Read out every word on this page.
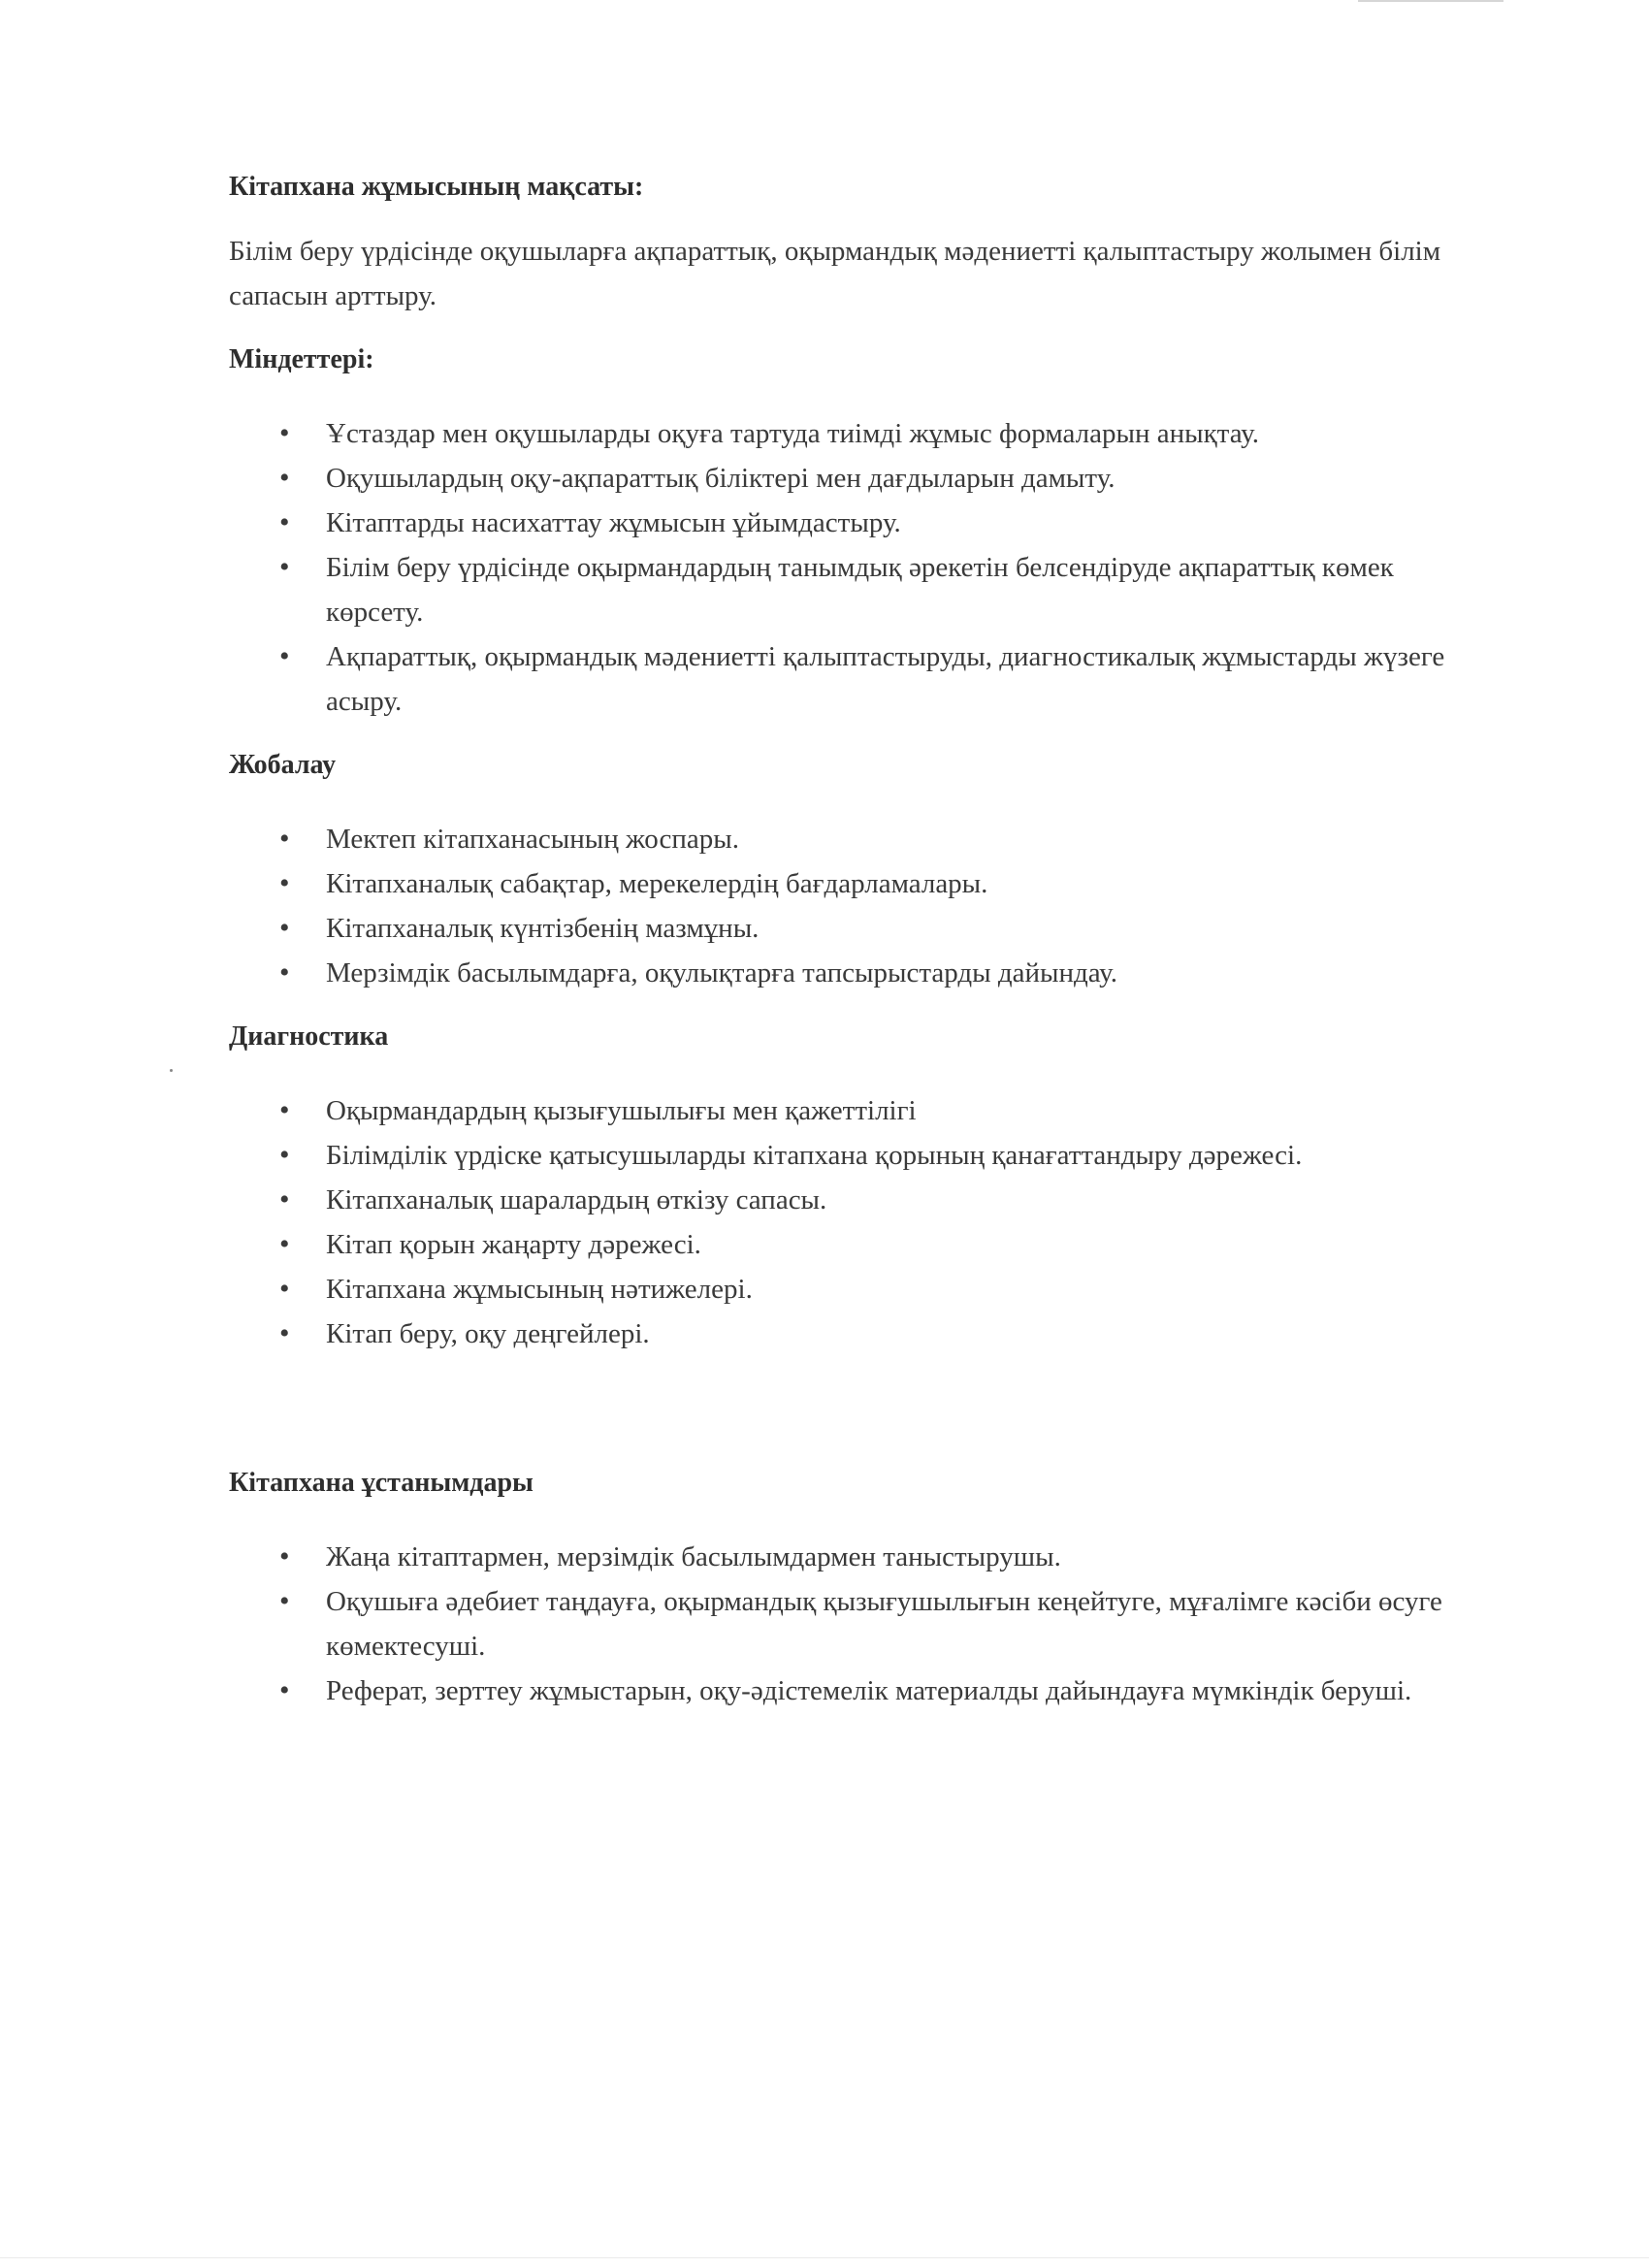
Кітапхана жұмысының мақсаты:

Білім беру үрдісінде оқушыларға ақпараттық, оқырмандық мәдениетті қалыптастыру жолымен білім сапасын арттыру.

Міндеттері:

• Ұстаздар мен оқушыларды оқуға тартуда тиімді жұмыс формаларын анықтау.
• Оқушылардың оқу-ақпараттық біліктері мен дағдыларын дамыту.
• Кітаптарды насихаттау жұмысын ұйымдастыру.
• Білім беру үрдісінде оқырмандардың танымдық әрекетін белсендіруде ақпараттық көмек көрсету.
• Ақпараттық, оқырмандық мәдениетті қалыптастыруды, диагностикалық жұмыстарды жүзеге асыру.

Жобалау

• Мектеп кітапханасының жоспары.
• Кітапханалық сабақтар, мерекелердің бағдарламалары.
• Кітапханалық күнтізбенің мазмұны.
• Мерзімдік басылымдарға, оқулықтарға тапсырыстарды дайындау.

Диагностика

• Оқырмандардың қызығушылығы мен қажеттілігі
• Білімділік үрдіске қатысушыларды кітапхана қорының қанағаттандыру дәрежесі.
• Кітапханалық шаралардың өткізу сапасы.
• Кітап қорын жаңарту дәрежесі.
• Кітапхана жұмысының нәтижелері.
• Кітап беру, оқу деңгейлері.

Кітапхана ұстанымдары

• Жаңа кітаптармен, мерзімдік басылымдармен таныстырушы.
• Оқушыға әдебиет таңдауға, оқырмандық қызығушылығын кеңейтуге, мұғалімге кәсіби өсуге көмектесуші.
• Реферат, зерттеу жұмыстарын, оқу-әдістемелік материалды дайындауға мүмкіндік беруші.
